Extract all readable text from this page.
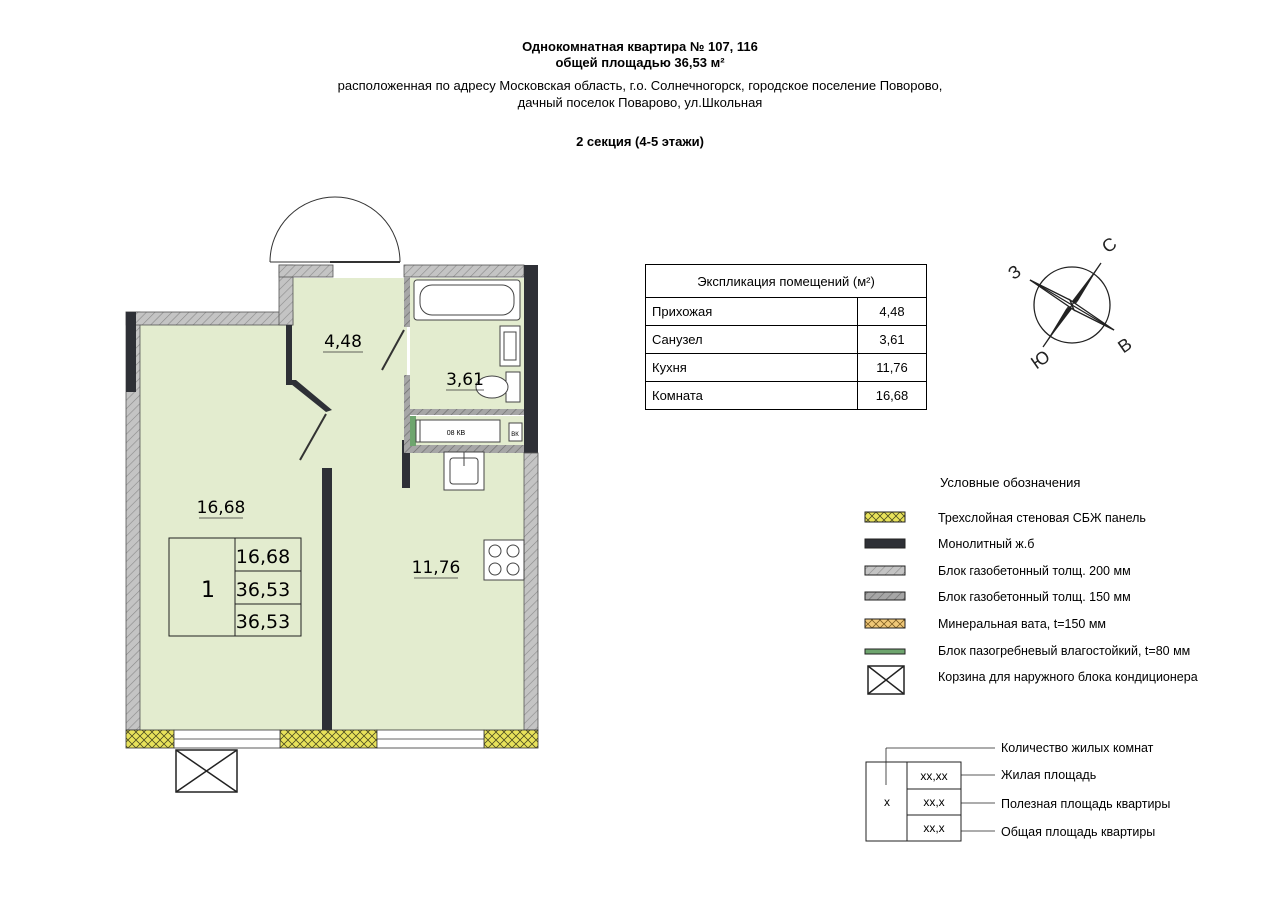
Однокомнатная квартира № 107, 116
общей площадью 36,53 м²
расположенная по адресу Московская область, г.о. Солнечногорск, городское поселение Поворово,
дачный поселок Поварово, ул.Школьная
2 секция (4-5 этажи)
08 КВ	ВК
4,48
3,61
16,68
11,76
1
16,68
36,53
36,53
С
В
Ю
З
x
xx,xx
xx,x
xx,x
Экспликация помещений (м²)	
Прихожая	4,48
Санузел	3,61
Кухня	11,76
Комната	16,68
Условные обозначения
Трехслойная стеновая СБЖ панель
Монолитный ж.б
Блок газобетонный толщ. 200 мм
Блок газобетонный толщ. 150 мм
Минеральная вата, t=150 мм
Блок пазогребневый влагостойкий, t=80 мм
Корзина для наружного блока кондиционера
Количество жилых комнат
Жилая площадь
Полезная площадь квартиры
Общая площадь квартиры
